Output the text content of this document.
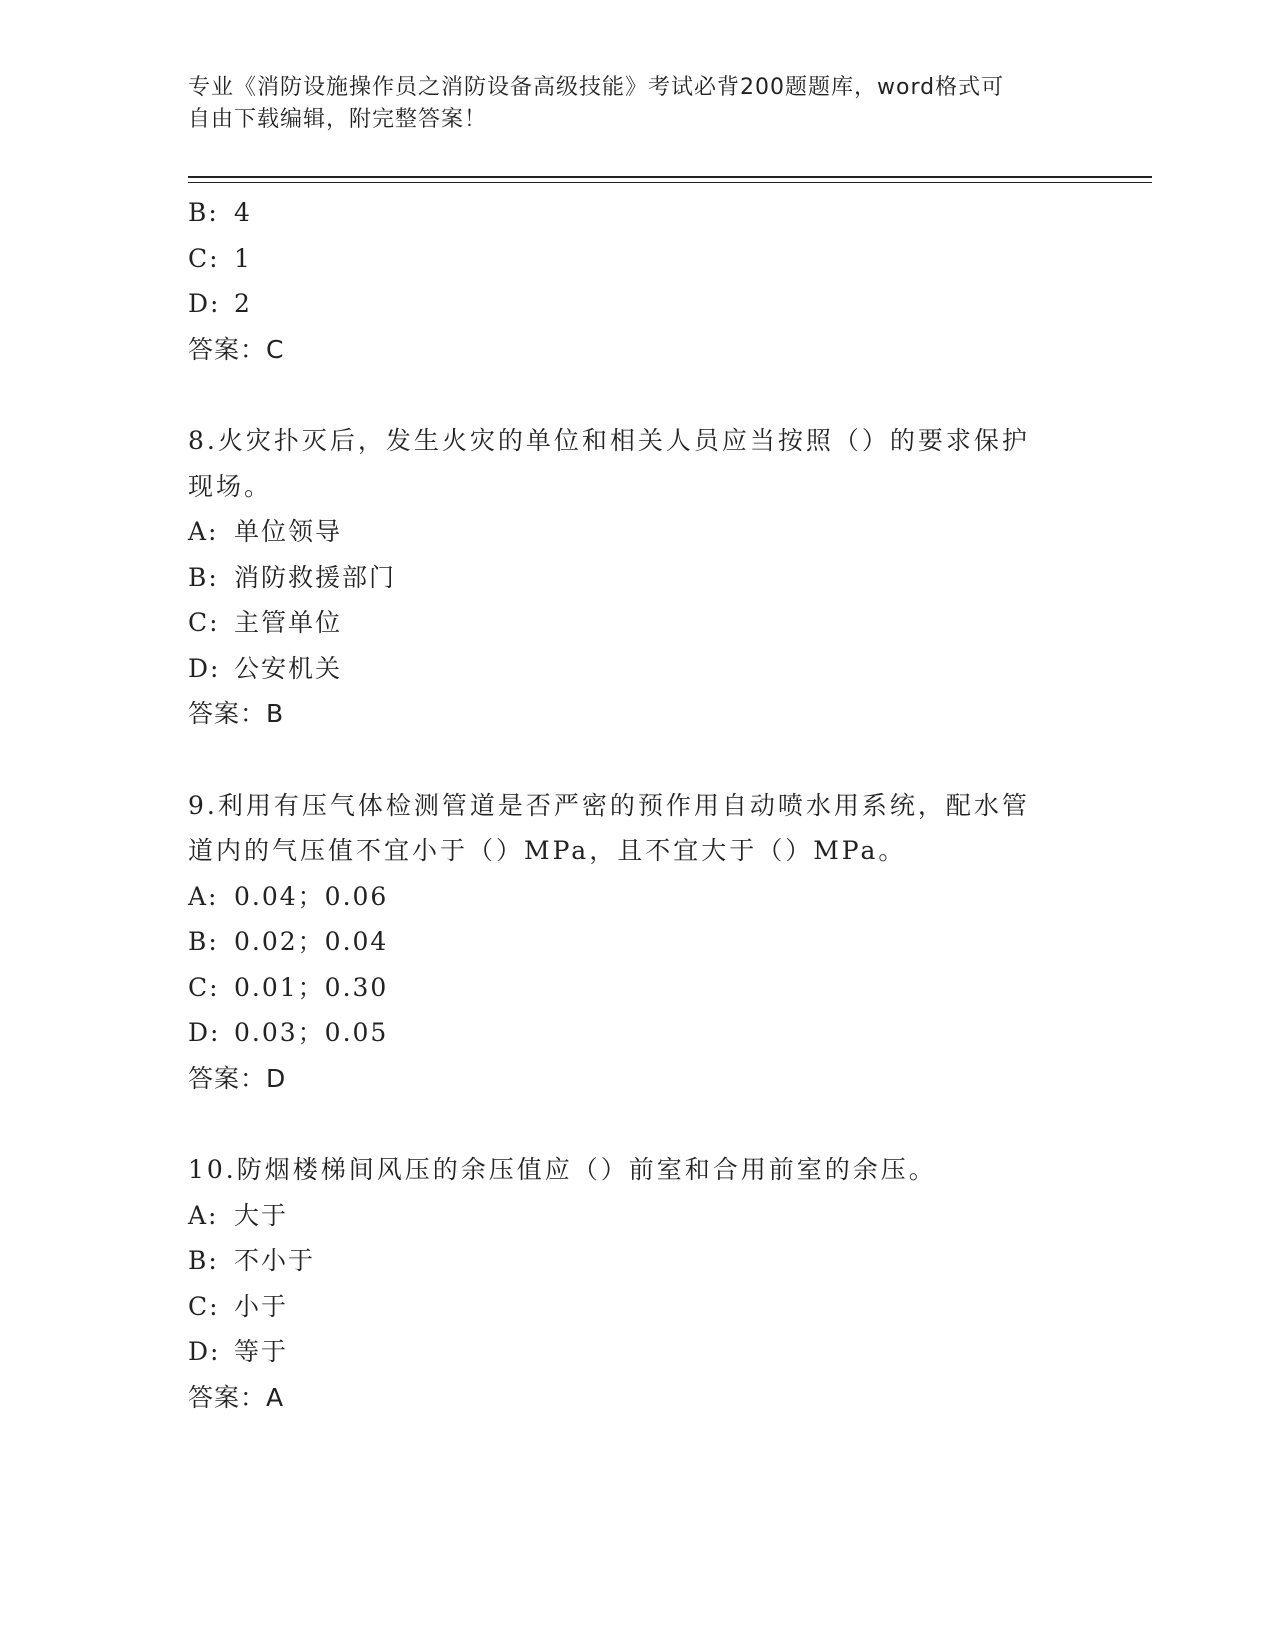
专业《消防设施操作员之消防设备高级技能》考试必背200题题库，word格式可
自由下载编辑，附完整答案！
B: 4
C: 1
D: 2
答案：C
8.火灾扑灭后，发生火灾的单位和相关人员应当按照（）的要求保护
现场。
A: 单位领导
B: 消防救援部门
C: 主管单位
D: 公安机关
答案：B
9.利用有压气体检测管道是否严密的预作用自动喷水用系统，配水管
道内的气压值不宜小于（）MPa，且不宜大于（）MPa。
A: 0.04；0.06
B: 0.02；0.04
C: 0.01；0.30
D: 0.03；0.05
答案：D
10.防烟楼梯间风压的余压值应（）前室和合用前室的余压。
A: 大于
B: 不小于
C: 小于
D: 等于
答案：A
